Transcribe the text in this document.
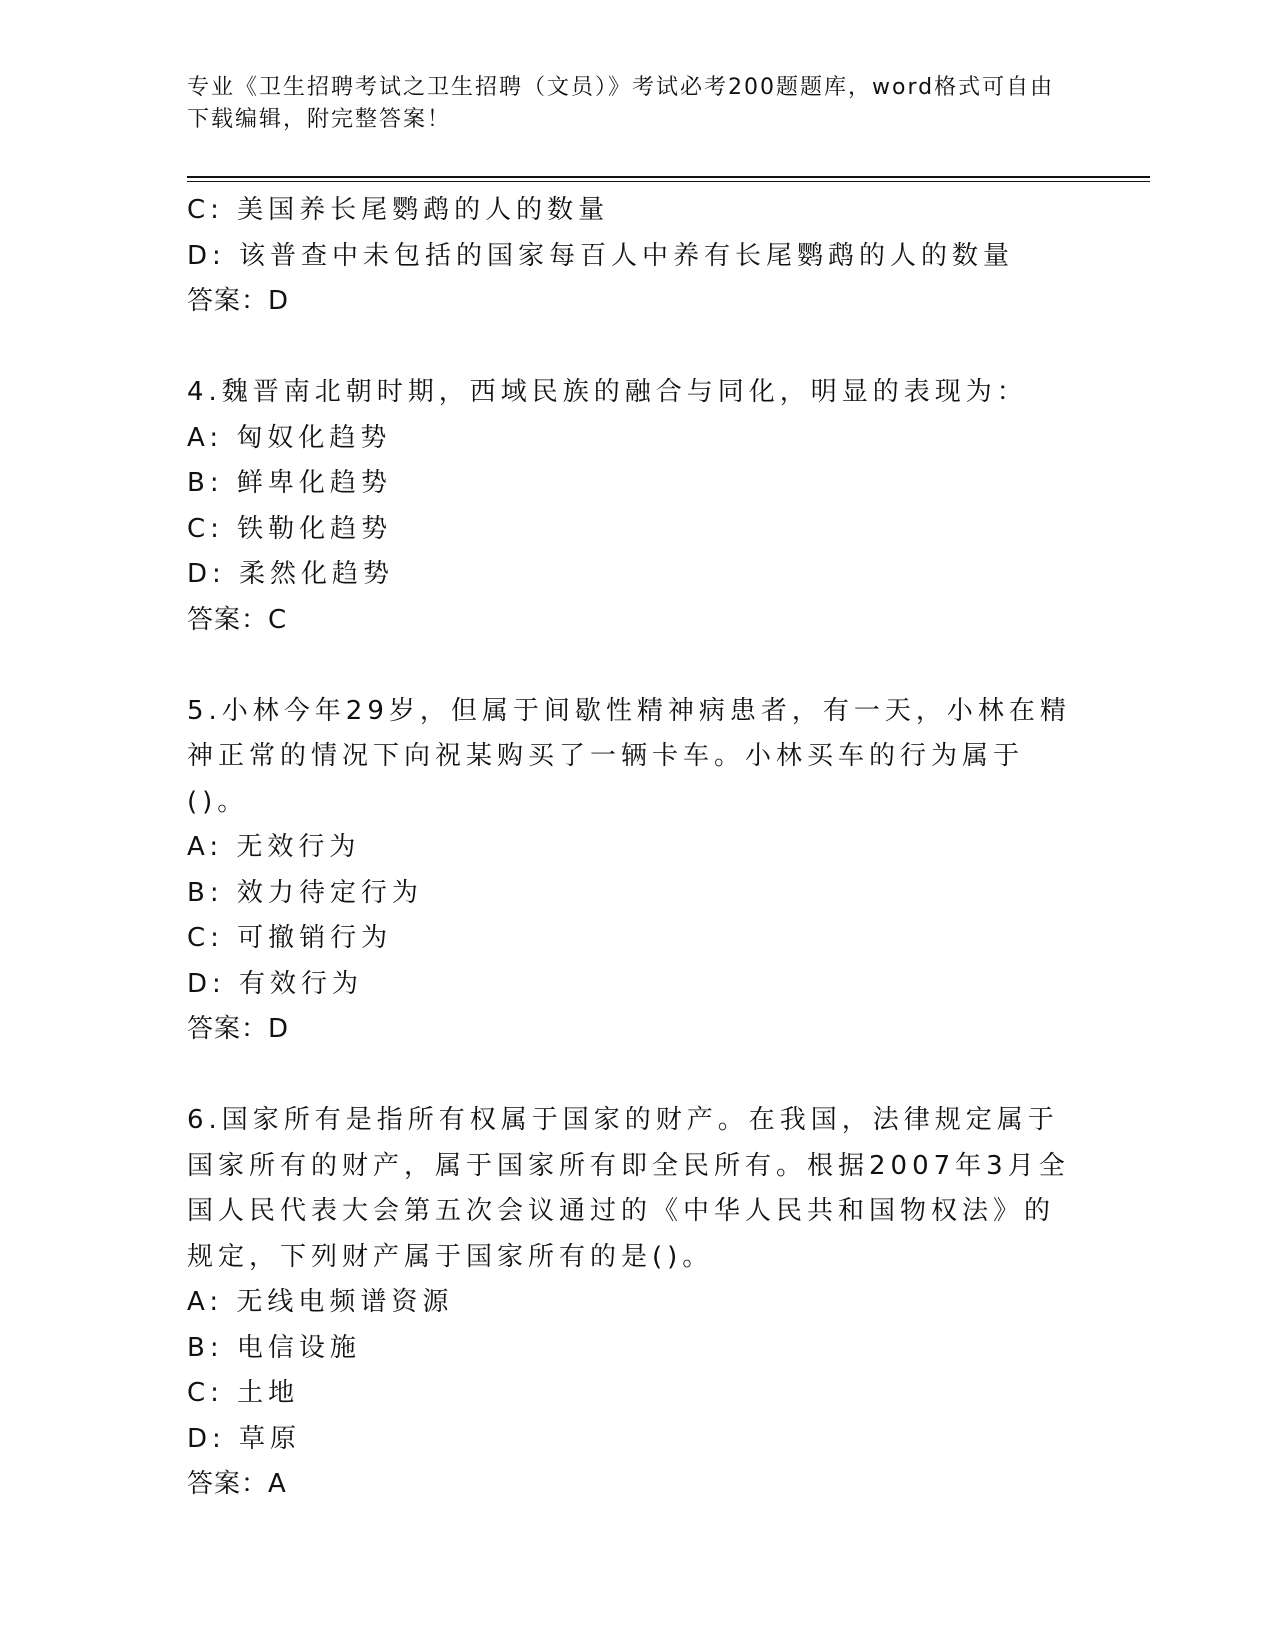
专业《卫生招聘考试之卫生招聘（文员）》考试必考200题题库，word格式可自由下载编辑，附完整答案！
C: 美国养长尾鹦鹉的人的数量
D: 该普查中未包括的国家每百人中养有长尾鹦鹉的人的数量
答案：D
4.魏晋南北朝时期，西域民族的融合与同化，明显的表现为：
A: 匈奴化趋势
B: 鲜卑化趋势
C: 铁勒化趋势
D: 柔然化趋势
答案：C
5.小林今年29岁，但属于间歇性精神病患者，有一天，小林在精神正常的情况下向祝某购买了一辆卡车。小林买车的行为属于()。
A: 无效行为
B: 效力待定行为
C: 可撤销行为
D: 有效行为
答案：D
6.国家所有是指所有权属于国家的财产。在我国，法律规定属于国家所有的财产，属于国家所有即全民所有。根据2007年3月全国人民代表大会第五次会议通过的《中华人民共和国物权法》的规定，下列财产属于国家所有的是()。
A: 无线电频谱资源
B: 电信设施
C: 土地
D: 草原
答案：A
